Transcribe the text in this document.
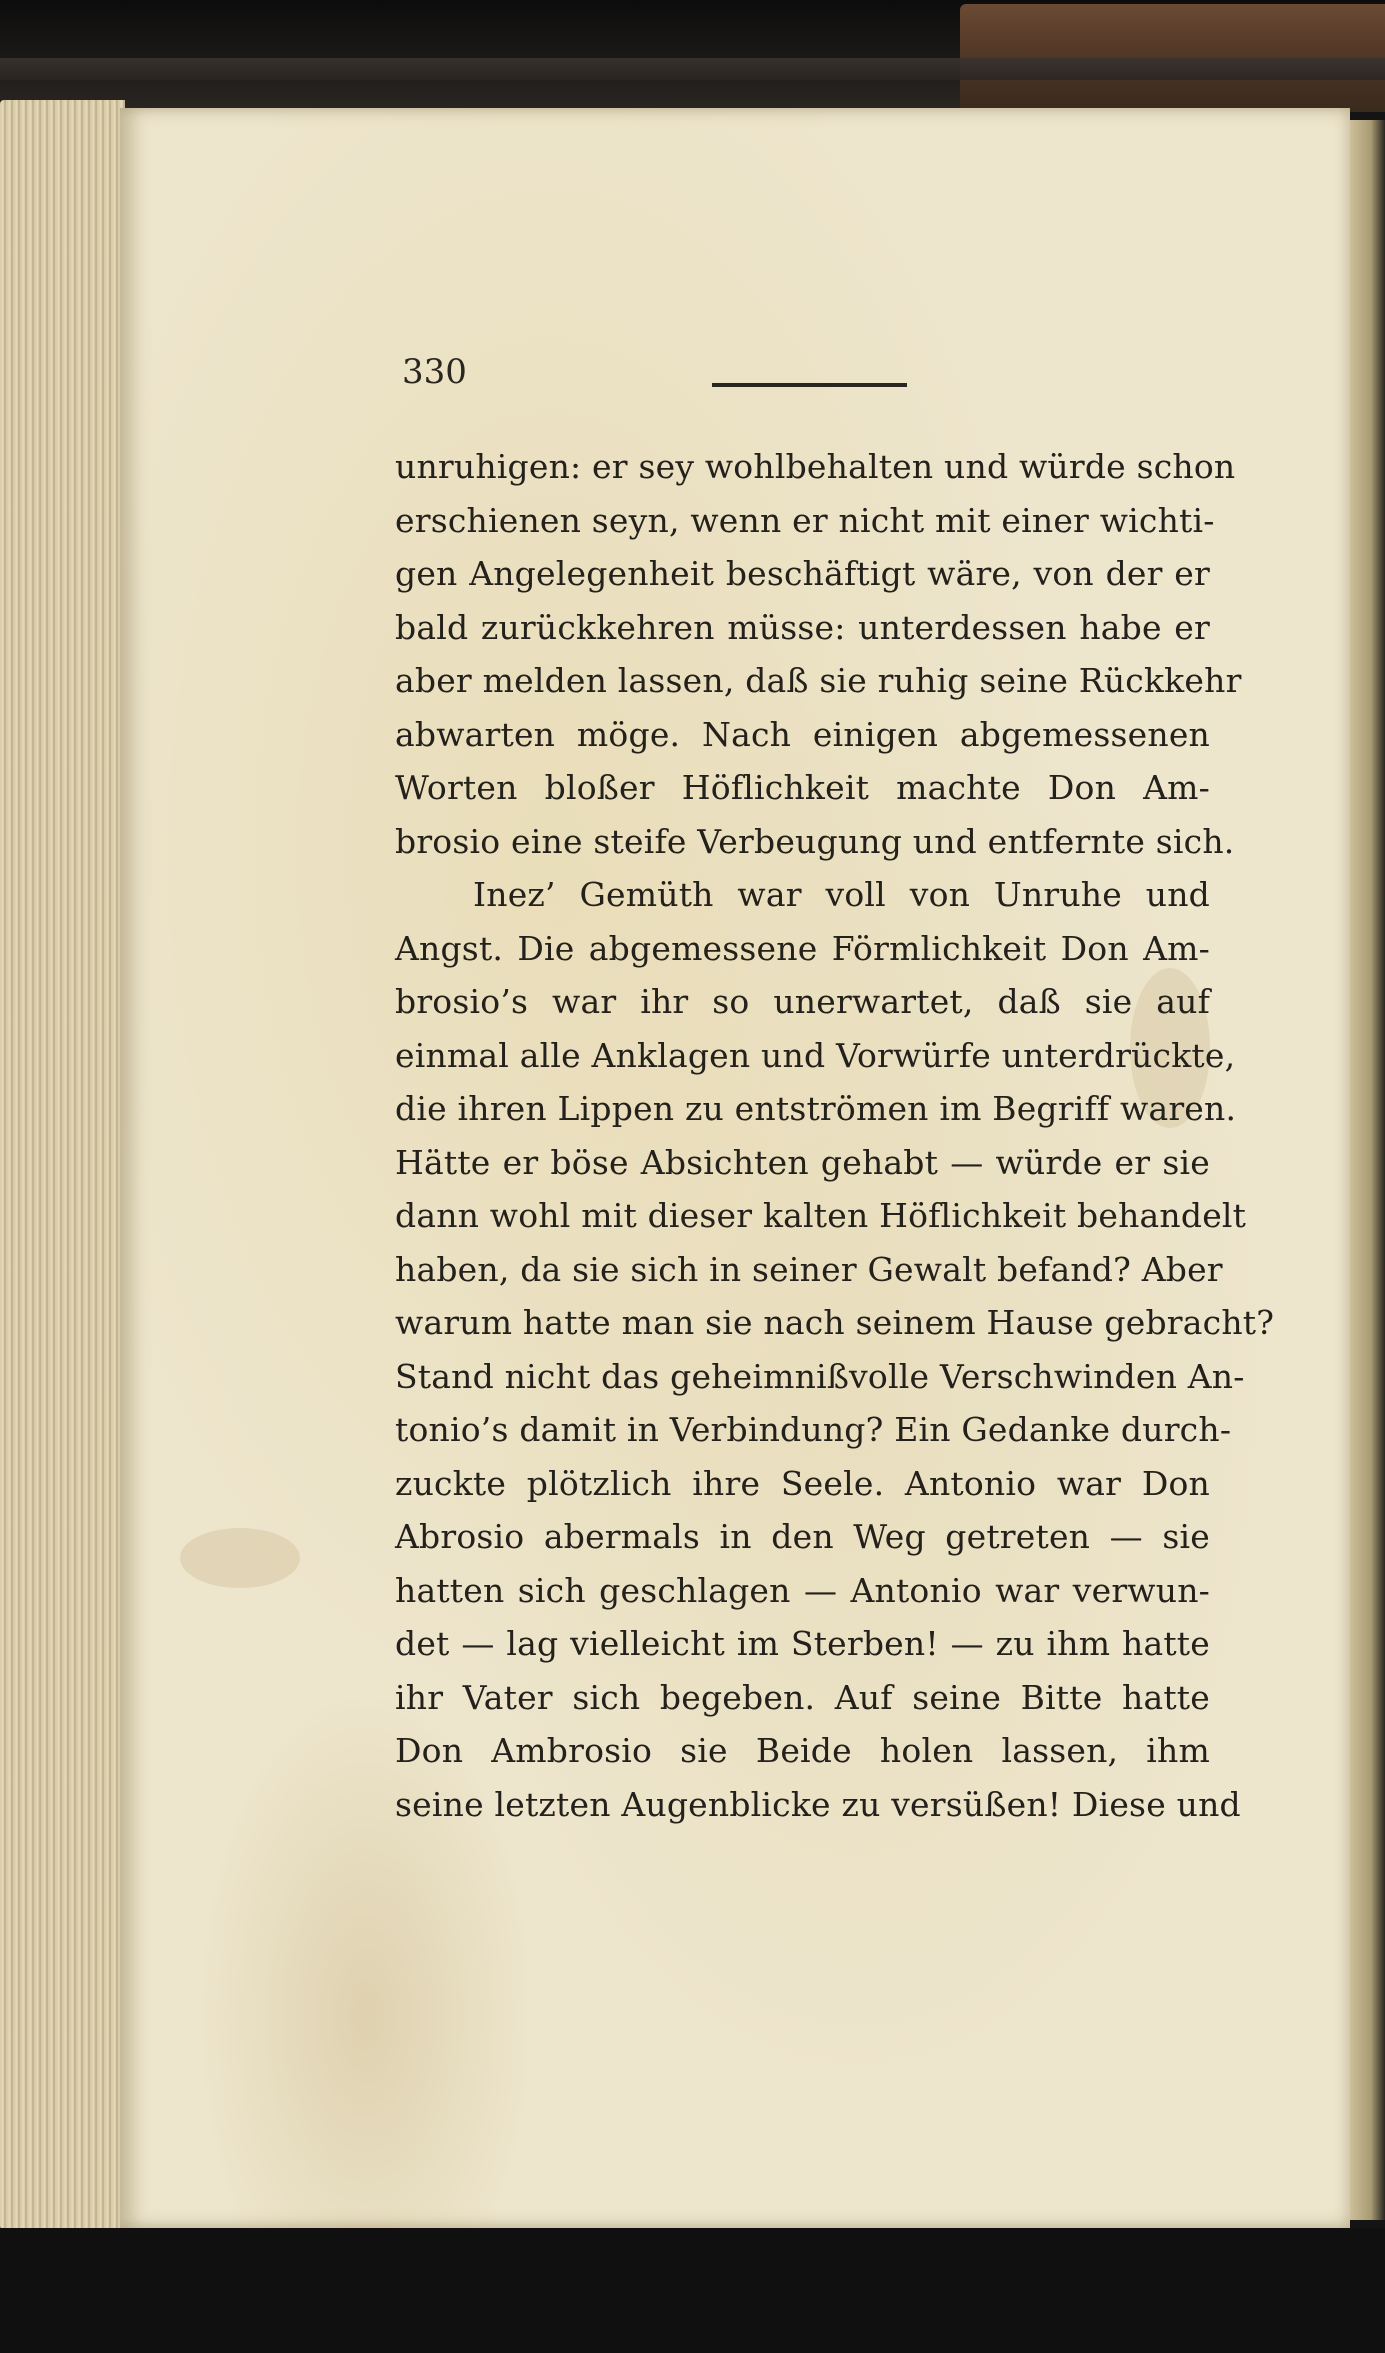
330
unruhigen: er sey wohlbehalten und würde schon
erschienen seyn, wenn er nicht mit einer wichti-
gen Angelegenheit beschäftigt wäre, von der er
bald zurückkehren müsse: unterdessen habe er
aber melden lassen, daß sie ruhig seine Rückkehr
abwarten möge. Nach einigen abgemessenen
Worten bloßer Höflichkeit machte Don Am-
brosio eine steife Verbeugung und entfernte sich.
Inez’ Gemüth war voll von Unruhe und
Angst. Die abgemessene Förmlichkeit Don Am-
brosio’s war ihr so unerwartet, daß sie auf
einmal alle Anklagen und Vorwürfe unterdrückte,
die ihren Lippen zu entströmen im Begriff waren.
Hätte er böse Absichten gehabt — würde er sie
dann wohl mit dieser kalten Höflichkeit behandelt
haben, da sie sich in seiner Gewalt befand? Aber
warum hatte man sie nach seinem Hause gebracht?
Stand nicht das geheimnißvolle Verschwinden An-
tonio’s damit in Verbindung? Ein Gedanke durch-
zuckte plötzlich ihre Seele. Antonio war Don
Abrosio abermals in den Weg getreten — sie
hatten sich geschlagen — Antonio war verwun-
det — lag vielleicht im Sterben! — zu ihm hatte
ihr Vater sich begeben. Auf seine Bitte hatte
Don Ambrosio sie Beide holen lassen, ihm
seine letzten Augenblicke zu versüßen! Diese und
